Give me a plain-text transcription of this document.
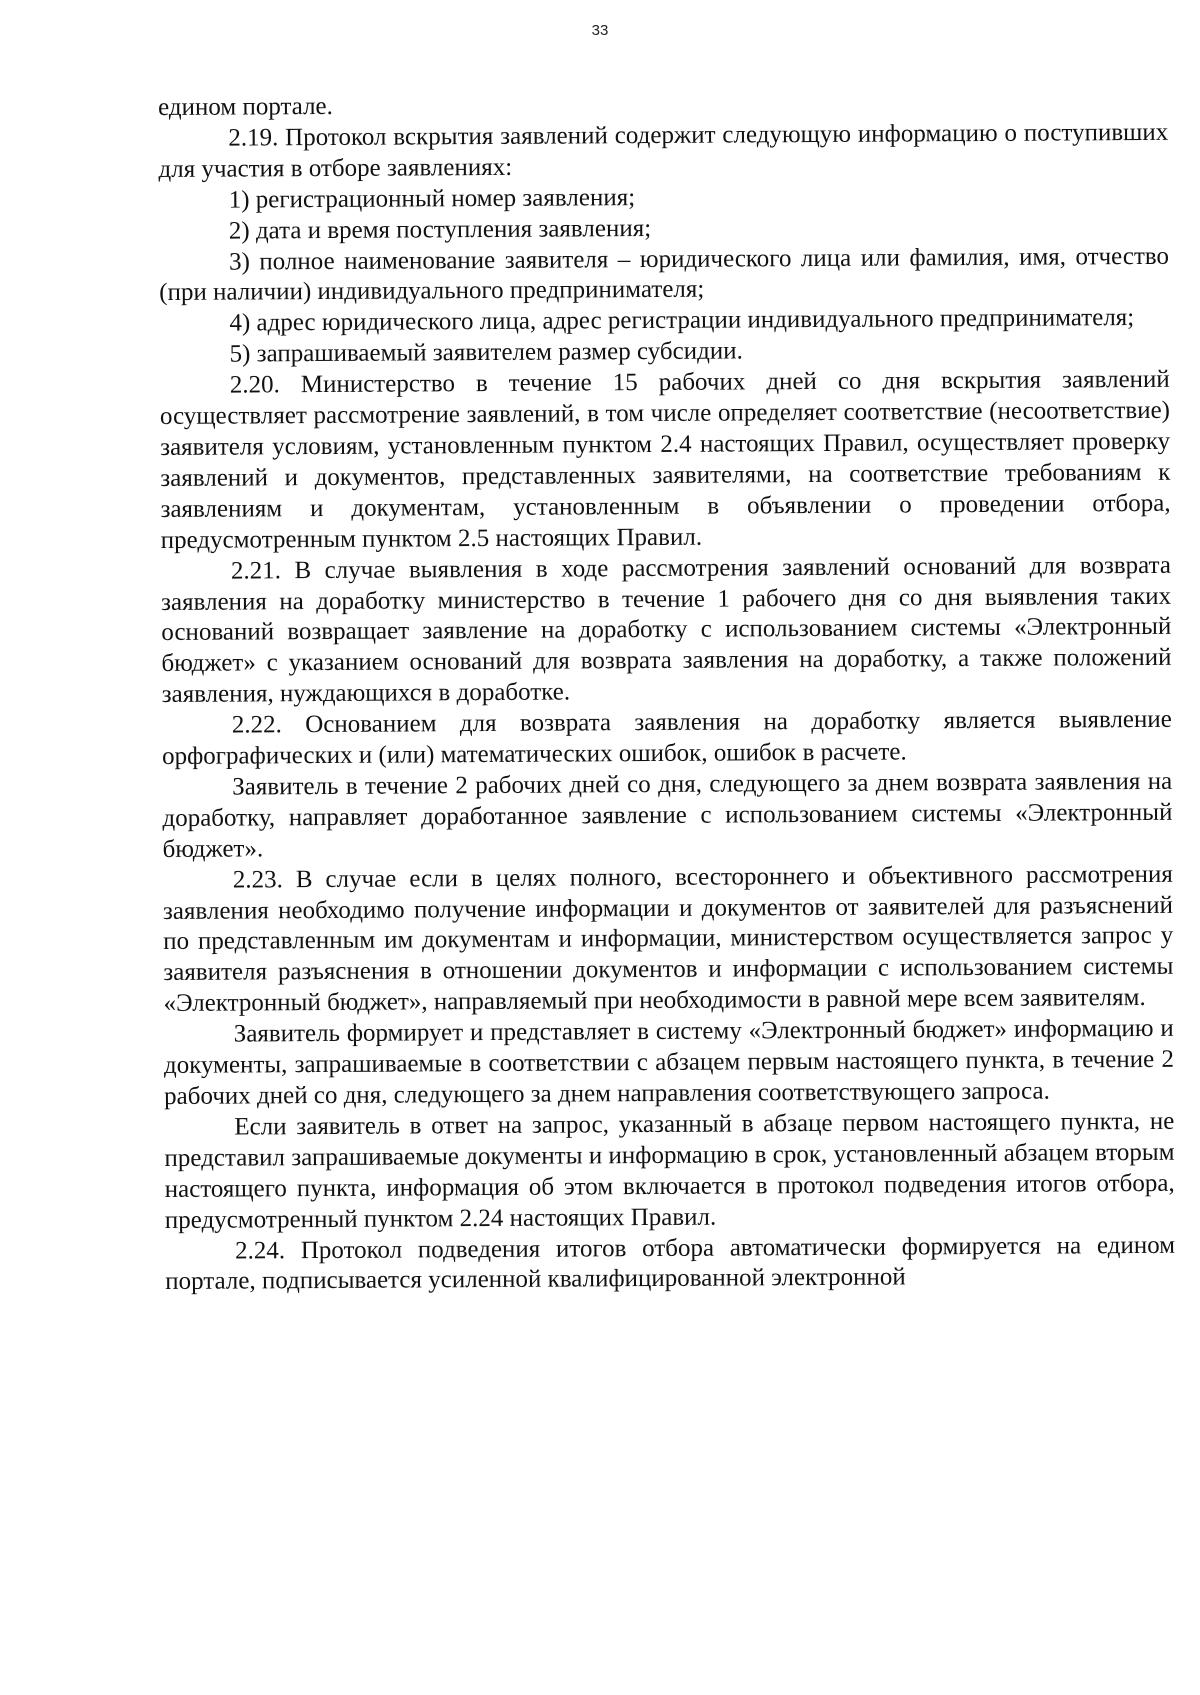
33

едином портале.

2.19. Протокол вскрытия заявлений содержит следующую информацию о поступивших для участия в отборе заявлениях:

1) регистрационный номер заявления;

2) дата и время поступления заявления;

3) полное наименование заявителя – юридического лица или фамилия, имя, отчество (при наличии) индивидуального предпринимателя;

4) адрес юридического лица, адрес регистрации индивидуального предпринимателя;

5) запрашиваемый заявителем размер субсидии.

2.20. Министерство в течение 15 рабочих дней со дня вскрытия заявлений осуществляет рассмотрение заявлений, в том числе определяет соответствие (несоответствие) заявителя условиям, установленным пунктом 2.4 настоящих Правил, осуществляет проверку заявлений и документов, представленных заявителями, на соответствие требованиям к заявлениям и документам, установленным в объявлении о проведении отбора, предусмотренным пунктом 2.5 настоящих Правил.

2.21. В случае выявления в ходе рассмотрения заявлений оснований для возврата заявления на доработку министерство в течение 1 рабочего дня со дня выявления таких оснований возвращает заявление на доработку с использованием системы «Электронный бюджет» с указанием оснований для возврата заявления на доработку, а также положений заявления, нуждающихся в доработке.

2.22. Основанием для возврата заявления на доработку является выявление орфографических и (или) математических ошибок, ошибок в расчете.

Заявитель в течение 2 рабочих дней со дня, следующего за днем возврата заявления на доработку, направляет доработанное заявление с использованием системы «Электронный бюджет».

2.23. В случае если в целях полного, всестороннего и объективного рассмотрения заявления необходимо получение информации и документов от заявителей для разъяснений по представленным им документам и информации, министерством осуществляется запрос у заявителя разъяснения в отношении документов и информации с использованием системы «Электронный бюджет», направляемый при необходимости в равной мере всем заявителям.

Заявитель формирует и представляет в систему «Электронный бюджет» информацию и документы, запрашиваемые в соответствии с абзацем первым настоящего пункта, в течение 2 рабочих дней со дня, следующего за днем направления соответствующего запроса.

Если заявитель в ответ на запрос, указанный в абзаце первом настоящего пункта, не представил запрашиваемые документы и информацию в срок, установленный абзацем вторым настоящего пункта, информация об этом включается в протокол подведения итогов отбора, предусмотренный пунктом 2.24 настоящих Правил.

2.24. Протокол подведения итогов отбора автоматически формируется на едином портале, подписывается усиленной квалифицированной электронной
